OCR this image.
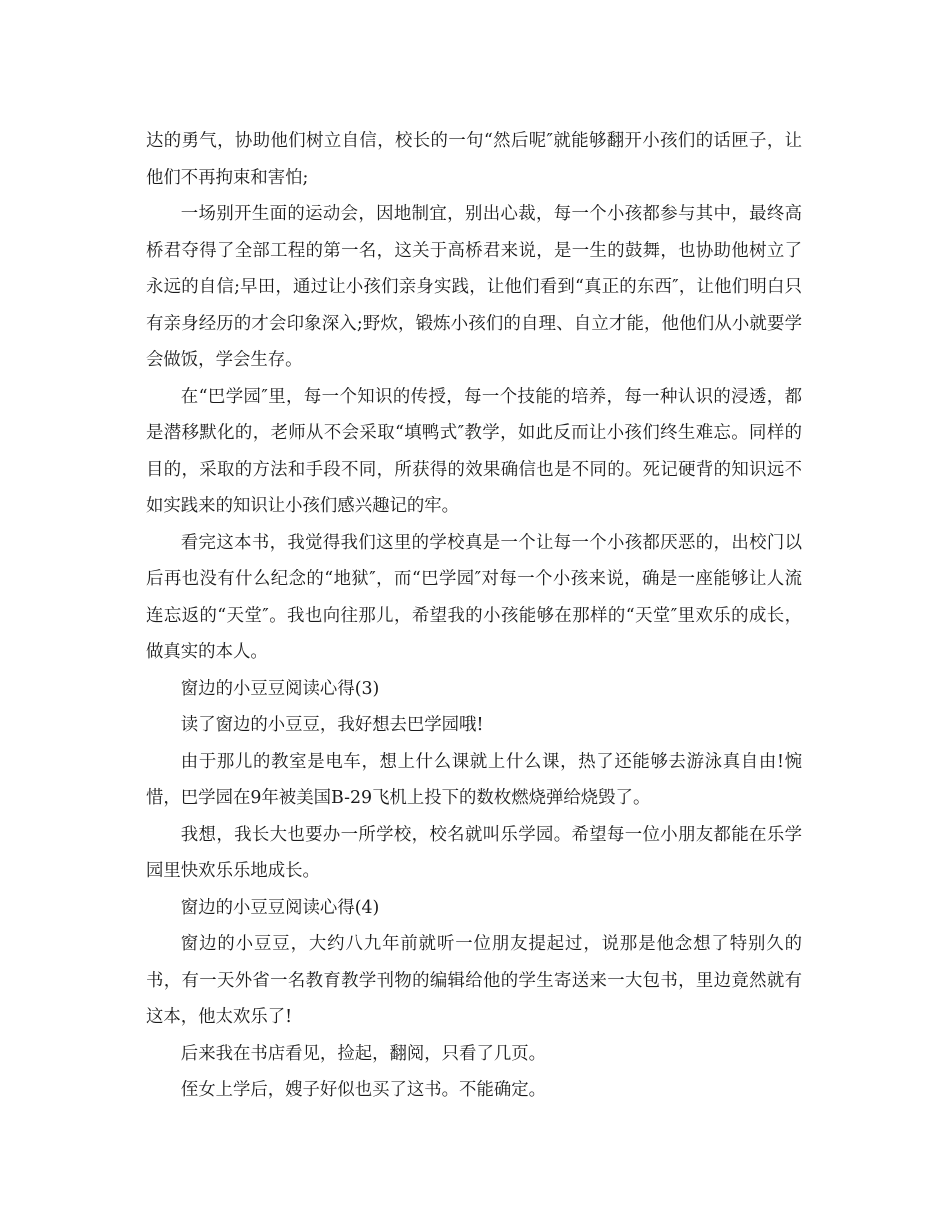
达的勇气，协助他们树立自信，校长的一句“然后呢″就能够翻开小孩们的话匣子，让他们不再拘束和害怕;

一场别开生面的运动会，因地制宜，别出心裁，每一个小孩都参与其中，最终高桥君夺得了全部工程的第一名，这关于高桥君来说，是一生的鼓舞，也协助他树立了永远的自信;早田，通过让小孩们亲身实践，让他们看到“真正的东西″，让他们明白只有亲身经历的才会印象深入;野炊，锻炼小孩们的自理、自立才能，他他们从小就要学会做饭，学会生存。

在“巴学园″里，每一个知识的传授，每一个技能的培养，每一种认识的浸透，都是潜移默化的，老师从不会采取“填鸭式″教学，如此反而让小孩们终生难忘。同样的目的，采取的方法和手段不同，所获得的效果确信也是不同的。死记硬背的知识远不如实践来的知识让小孩们感兴趣记的牢。

看完这本书，我觉得我们这里的学校真是一个让每一个小孩都厌恶的，出校门以后再也没有什么纪念的“地狱″，而“巴学园″对每一个小孩来说，确是一座能够让人流连忘返的“天堂″。我也向往那儿，希望我的小孩能够在那样的“天堂″里欢乐的成长，做真实的本人。

窗边的小豆豆阅读心得(3)

读了窗边的小豆豆，我好想去巴学园哦!

由于那儿的教室是电车，想上什么课就上什么课，热了还能够去游泳真自由!惋惜，巴学园在9年被美国B-29飞机上投下的数枚燃烧弹给烧毁了。

我想，我长大也要办一所学校，校名就叫乐学园。希望每一位小朋友都能在乐学园里快欢乐乐地成长。

窗边的小豆豆阅读心得(4)

窗边的小豆豆，大约八九年前就听一位朋友提起过，说那是他念想了特别久的书，有一天外省一名教育教学刊物的编辑给他的学生寄送来一大包书，里边竟然就有这本，他太欢乐了!

后来我在书店看见，捡起，翻阅，只看了几页。

侄女上学后，嫂子好似也买了这书。不能确定。
